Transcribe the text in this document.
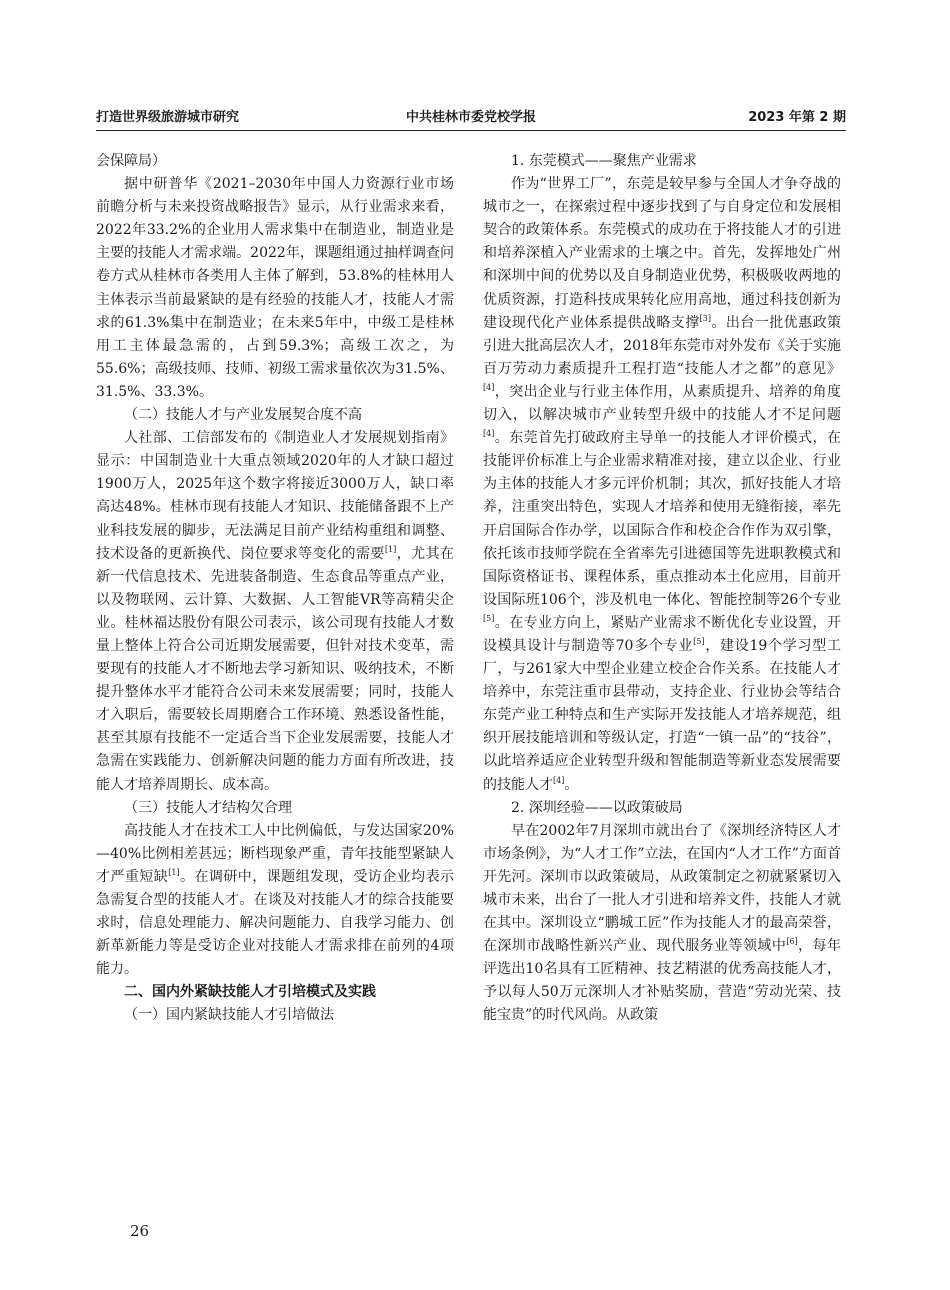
打造世界级旅游城市研究	中共桂林市委党校学报	2023 年第 2 期

会保障局）

据中研普华《2021–2030年中国人力资源行业市场前瞻分析与未来投资战略报告》显示，从行业需求来看，2022年33.2%的企业用人需求集中在制造业，制造业是主要的技能人才需求端。2022年，课题组通过抽样调查问卷方式从桂林市各类用人主体了解到，53.8%的桂林用人主体表示当前最紧缺的是有经验的技能人才，技能人才需求的61.3%集中在制造业；在未来5年中，中级工是桂林用工主体最急需的，占到59.3%；高级工次之，为55.6%；高级技师、技师、初级工需求量依次为31.5%、31.5%、33.3%。

（二）技能人才与产业发展契合度不高

人社部、工信部发布的《制造业人才发展规划指南》显示：中国制造业十大重点领域2020年的人才缺口超过1900万人，2025年这个数字将接近3000万人，缺口率高达48%。桂林市现有技能人才知识、技能储备跟不上产业科技发展的脚步，无法满足目前产业结构重组和调整、技术设备的更新换代、岗位要求等变化的需要[1]，尤其在新一代信息技术、先进装备制造、生态食品等重点产业，以及物联网、云计算、大数据、人工智能VR等高精尖企业。桂林福达股份有限公司表示，该公司现有技能人才数量上整体上符合公司近期发展需要，但针对技术变革，需要现有的技能人才不断地去学习新知识、吸纳技术，不断提升整体水平才能符合公司未来发展需要；同时，技能人才入职后，需要较长周期磨合工作环境、熟悉设备性能，甚至其原有技能不一定适合当下企业发展需要，技能人才急需在实践能力、创新解决问题的能力方面有所改进，技能人才培养周期长、成本高。

（三）技能人才结构欠合理

高技能人才在技术工人中比例偏低，与发达国家20%—40%比例相差甚远；断档现象严重，青年技能型紧缺人才严重短缺[1]。在调研中，课题组发现，受访企业均表示急需复合型的技能人才。在谈及对技能人才的综合技能要求时，信息处理能力、解决问题能力、自我学习能力、创新革新能力等是受访企业对技能人才需求排在前列的4项能力。

二、国内外紧缺技能人才引培模式及实践

（一）国内紧缺技能人才引培做法

1. 东莞模式——聚焦产业需求

作为“世界工厂”，东莞是较早参与全国人才争夺战的城市之一，在探索过程中逐步找到了与自身定位和发展相契合的政策体系。东莞模式的成功在于将技能人才的引进和培养深植入产业需求的土壤之中。首先，发挥地处广州和深圳中间的优势以及自身制造业优势，积极吸收两地的优质资源，打造科技成果转化应用高地，通过科技创新为建设现代化产业体系提供战略支撑[3]。出台一批优惠政策引进大批高层次人才，2018年东莞市对外发布《关于实施百万劳动力素质提升工程打造“技能人才之都”的意见》[4]，突出企业与行业主体作用，从素质提升、培养的角度切入，以解决城市产业转型升级中的技能人才不足问题[4]。东莞首先打破政府主导单一的技能人才评价模式，在技能评价标准上与企业需求精准对接，建立以企业、行业为主体的技能人才多元评价机制；其次，抓好技能人才培养，注重突出特色，实现人才培养和使用无缝衔接，率先开启国际合作办学，以国际合作和校企合作作为双引擎，依托该市技师学院在全省率先引进德国等先进职教模式和国际资格证书、课程体系，重点推动本土化应用，目前开设国际班106个，涉及机电一体化、智能控制等26个专业[5]。在专业方向上，紧贴产业需求不断优化专业设置，开设模具设计与制造等70多个专业[5]，建设19个学习型工厂，与261家大中型企业建立校企合作关系。在技能人才培养中，东莞注重市县带动，支持企业、行业协会等结合东莞产业工种特点和生产实际开发技能人才培养规范，组织开展技能培训和等级认定，打造“一镇一品”的“技谷”，以此培养适应企业转型升级和智能制造等新业态发展需要的技能人才[4]。

2. 深圳经验——以政策破局

早在2002年7月深圳市就出台了《深圳经济特区人才市场条例》，为“人才工作”立法，在国内“人才工作”方面首开先河。深圳市以政策破局，从政策制定之初就紧紧切入城市未来，出台了一批人才引进和培养文件，技能人才就在其中。深圳设立“鹏城工匠”作为技能人才的最高荣誉，在深圳市战略性新兴产业、现代服务业等领域中[6]，每年评选出10名具有工匠精神、技艺精湛的优秀高技能人才，予以每人50万元深圳人才补贴奖励，营造“劳动光荣、技能宝贵”的时代风尚。从政策

26
